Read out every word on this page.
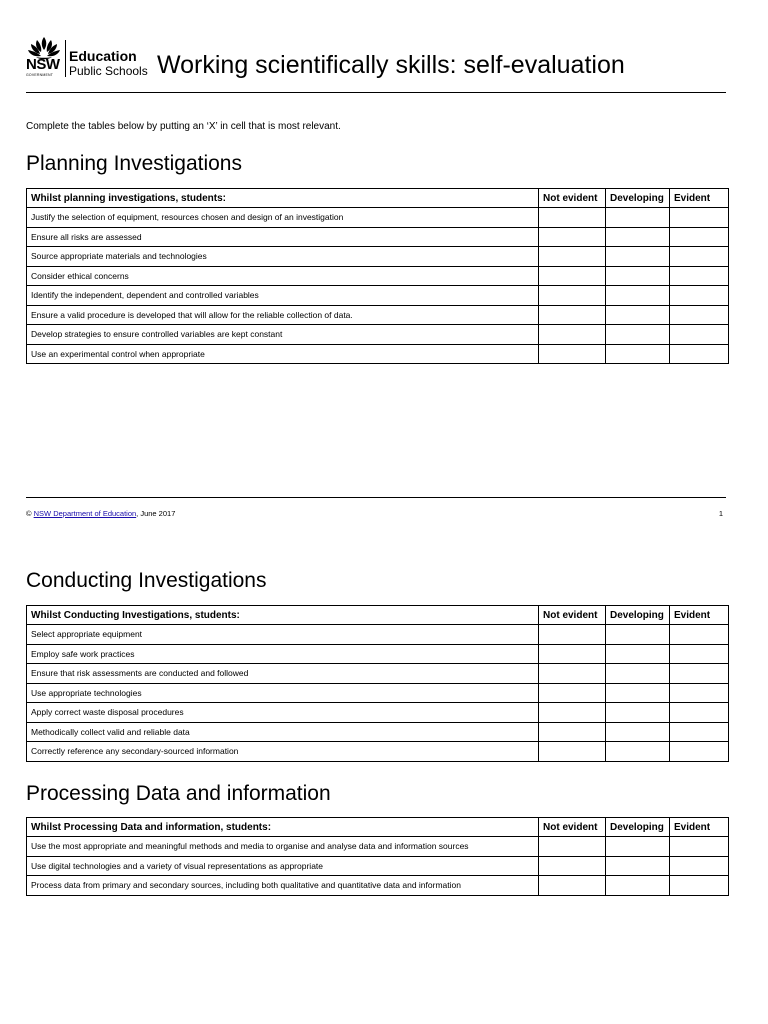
NSW
GOVERNMENT
Education
Public Schools Working scientifically skills: self-evaluation
Complete the tables below by putting an ‘X’ in cell that is most relevant.
Planning Investigations
Whilst planning investigations, students:	Not evident	Developing	Evident
Justify the selection of equipment, resources chosen and design of an investigation			
Ensure all risks are assessed			
Source appropriate materials and technologies			
Consider ethical concerns			
Identify the independent, dependent and controlled variables			
Ensure a valid procedure is developed that will allow for the reliable collection of data.			
Develop strategies to ensure controlled variables are kept constant			
Use an experimental control when appropriate			
© NSW Department of Education, June 2017	1
Conducting Investigations
Whilst Conducting Investigations, students:	Not evident	Developing	Evident
Select appropriate equipment			
Employ safe work practices			
Ensure that risk assessments are conducted and followed			
Use appropriate technologies			
Apply correct waste disposal procedures			
Methodically collect valid and reliable data			
Correctly reference any secondary-sourced information			
Processing Data and information
Whilst Processing Data and information, students:	Not evident	Developing	Evident
Use the most appropriate and meaningful methods and media to organise and analyse data and information sources			
Use digital technologies and a variety of visual representations as appropriate			
Process data from primary and secondary sources, including both qualitative and quantitative data and information			
